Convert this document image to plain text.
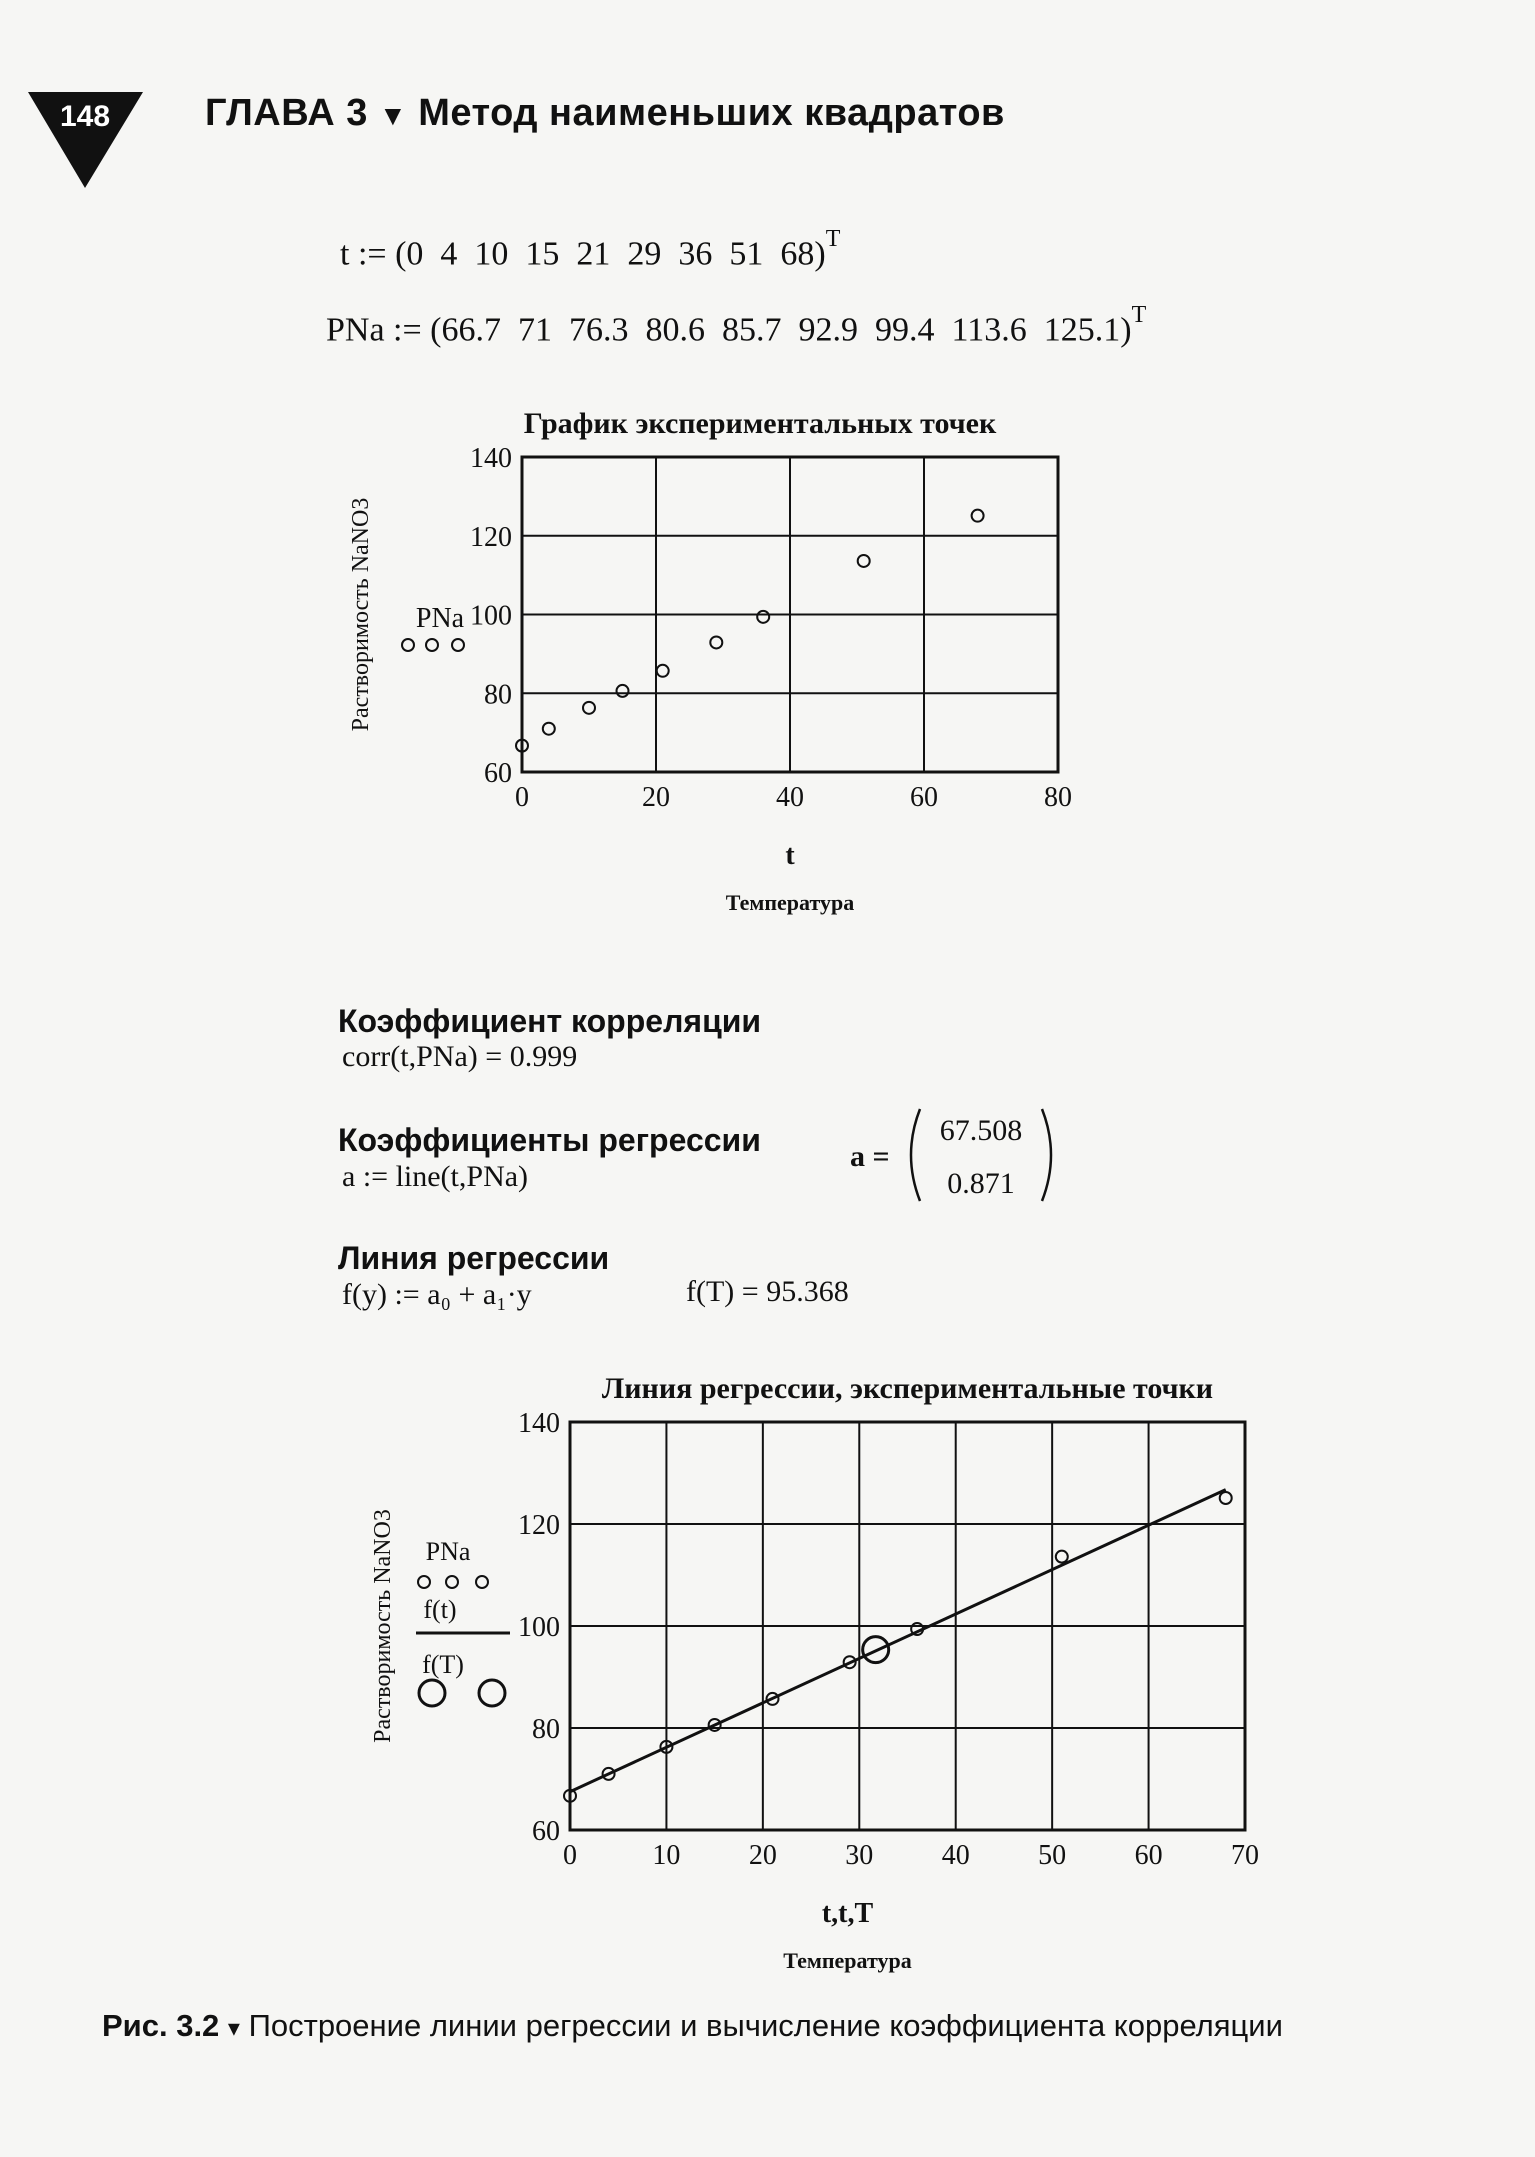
148 ГЛАВА 3 ▼ Метод наименьших квадратов
t := (0  4  10  15  21  29  36  51  68)$^T$
PNa := (66.7  71  76.3  80.6  85.7  92.9  99.4  113.6  125.1)$^T$
График экспериментальных точек
60
80
100
120
140
0	20	40	60	80
t
Температура
Растворимость NaNO3 PNa
Коэффициент корреляции
corr(t,PNa) = 0.999
Коэффициенты регрессии
a := line(t,PNa)
a =
67.508
0.871
Линия регрессии
f(y) := a₀ + a₁·y	f(T) = 95.368
Линия регрессии, экспериментальные точки
60
80
100
120
140
0	10 20 30 40 50 60 70
t,t,T
Температура
Растворимость NaNO3 PNa
f(t)
f(T)
Рис. 3.2 ▾ Построение линии регрессии и вычисление коэффициента корреляции
